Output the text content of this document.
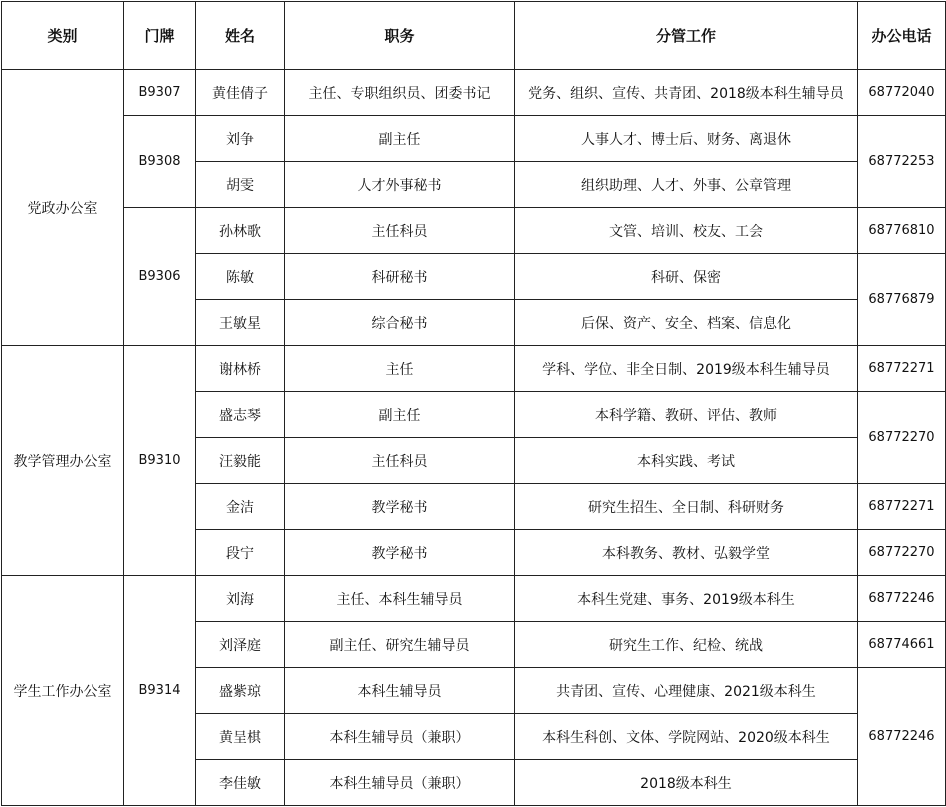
类别	门牌	姓名	职务	分管工作	办公电话
党政办公室	B9307	黄佳倩子	主任、专职组织员、团委书记	党务、组织、宣传、共青团、2018级本科生辅导员	68772040
	B9308	刘争	副主任	人事人才、博士后、财务、离退休	68772253
		胡雯	人才外事秘书	组织助理、人才、外事、公章管理	
	B9306	孙林歌	主任科员	文管、培训、校友、工会	68776810
		陈敏	科研秘书	科研、保密	68776879
		王敏星	综合秘书	后保、资产、安全、档案、信息化	
教学管理办公室	B9310	谢林桥	主任	学科、学位、非全日制、2019级本科生辅导员	68772271
		盛志琴	副主任	本科学籍、教研、评估、教师	68772270
		汪毅能	主任科员	本科实践、考试	
		金洁	教学秘书	研究生招生、全日制、科研财务	68772271
		段宁	教学秘书	本科教务、教材、弘毅学堂	68772270
学生工作办公室	B9314	刘海	主任、本科生辅导员	本科生党建、事务、2019级本科生	68772246
		刘泽庭	副主任、研究生辅导员	研究生工作、纪检、统战	68774661
		盛紫琼	本科生辅导员	共青团、宣传、心理健康、2021级本科生	68772246
		黄呈棋	本科生辅导员（兼职）	本科生科创、文体、学院网站、2020级本科生	
		李佳敏	本科生辅导员（兼职）	2018级本科生	
